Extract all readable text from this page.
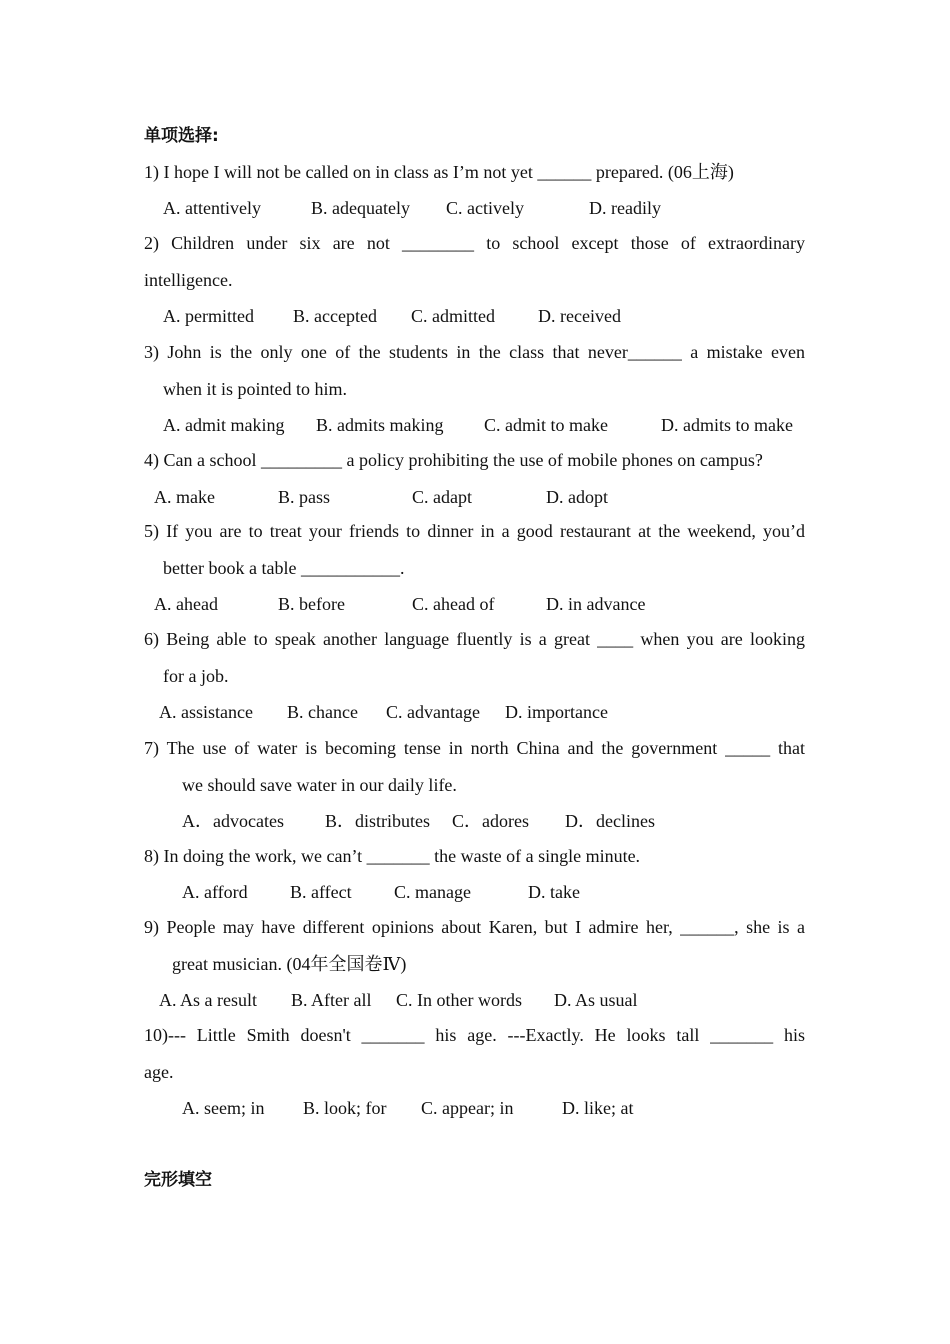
单项选择:
1) I hope I will not be called on in class as I’m not yet ______ prepared. (06上海)
A. attentively	B. adequately C. actively	D. readily
2) Children under six are not ________ to school except those of extraordinary
intelligence.
A. permitted B. accepted C. admitted D. received
3) John is the only one of the students in the class that never______ a mistake even
when it is pointed to him.
A. admit making B. admits making C. admit to make	D. admits to make
4) Can a school _________ a policy prohibiting the use of mobile phones on campus?
A. make	B. pass	C. adapt	D. adopt
5) If you are to treat your friends to dinner in a good restaurant at the weekend, you’d
better book a table ___________.
A. ahead	B. before	C. ahead of	D. in advance
6) Being able to speak another language fluently is a great ____ when you are looking
for a job.
A. assistance B. chance C. advantage D. importance
7) The use of water is becoming tense in north China and the government _____ that
we should save water in our daily life.
A．advocates B．distributes C．adores D．declines
8) In doing the work, we can’t _______ the waste of a single minute.
A. afford B. affect C. manage	D. take
9) People may have different opinions about Karen, but I admire her, ______, she is a
great musician. (04年全国卷Ⅳ)
A. As a result B. After all C. In other words D. As usual
10)--- Little Smith doesn't _______ his age. ---Exactly. He looks tall _______ his
age.
A. seem; in B. look; for C. appear; in	D. like; at
完形填空
